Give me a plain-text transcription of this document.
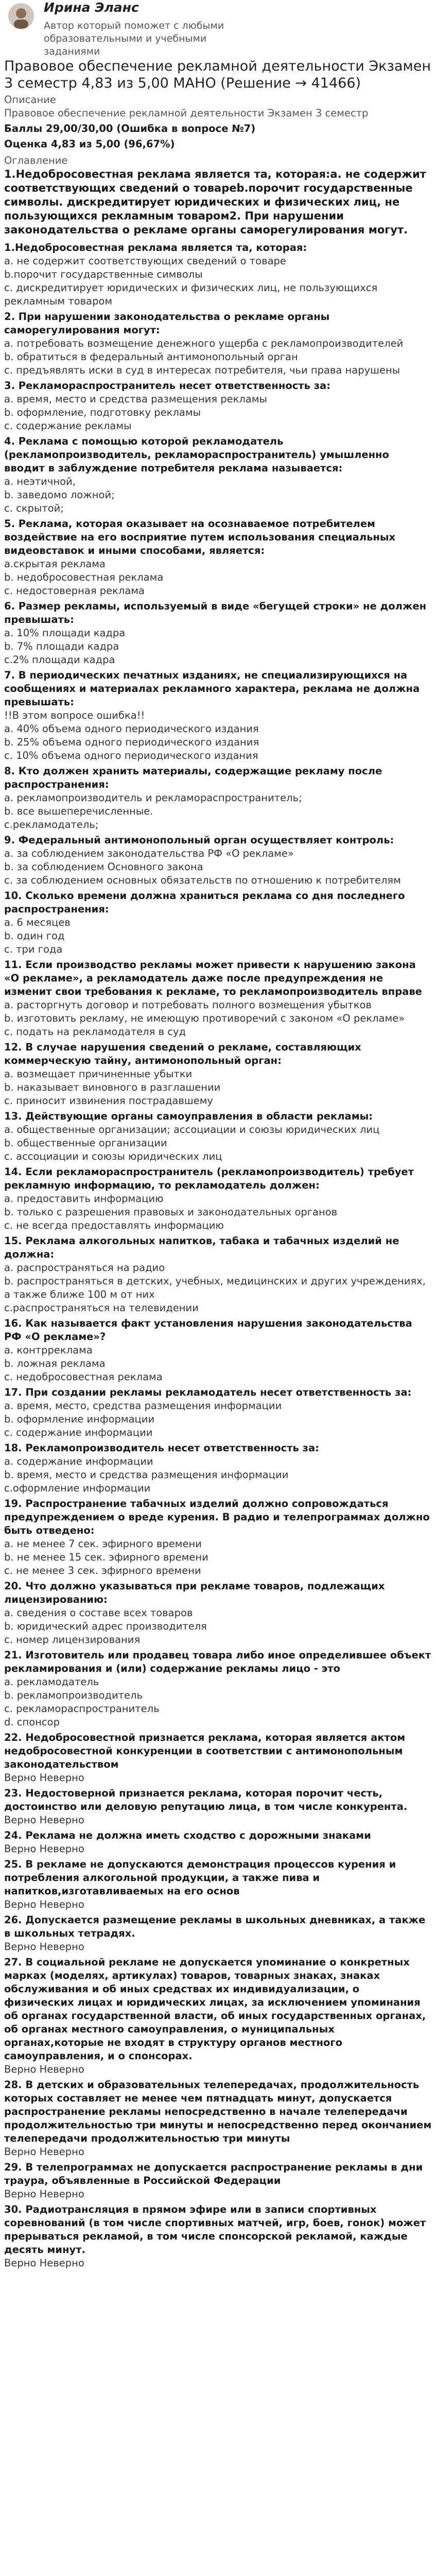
Ирина Эланс
Автор который поможет с любыми образовательными и учебными заданиями
Правовое обеспечение рекламной деятельности Экзамен 3 семестр 4,83 из 5,00 МАНО (Решение → 41466)
Описание
Правовое обеспечение рекламной деятельности Экзамен 3 семестр
Баллы 29,00/30,00 (Ошибка в вопросе №7)
Оценка 4,83 из 5,00 (96,67%)
Оглавление
1.Недобросовестная реклама является та, которая:a. не содержит соответствующих сведений о товареb.порочит государственные символы. дискредитирует юридических и физических лиц, не пользующихся рекламным товаром2. При нарушении законодательства о рекламе органы саморегулирования могут.
1.Недобросовестная реклама является та, которая:
a. не содержит соответствующих сведений о товаре
b.порочит государственные символы
c. дискредитирует юридических и физических лиц, не пользующихся рекламным товаром
2. При нарушении законодательства о рекламе органы саморегулирования могут:
a. потребовать возмещение денежного ущерба с рекламопроизводителей
b. обратиться в федеральный антимонопольный орган
c. предъявлять иски в суд в интересах потребителя, чьи права нарушены
3. Рекламораспространитель несет ответственность за:
a. время, место и средства размещения рекламы
b. оформление, подготовку рекламы
c. содержание рекламы
4. Реклама с помощью которой рекламодатель (рекламопроизводитель, рекламораспространитель) умышленно вводит в заблуждение потребителя реклама называется:
a. неэтичной,
b. заведомо ложной;
c. скрытой;
5. Реклама, которая оказывает на осознаваемое потребителем воздействие на его восприятие путем использования специальных видеовставок и иными способами, является:
a.скрытая реклама
b. недобросовестная реклама
c. недостоверная реклама
6. Размер рекламы, используемый в виде «бегущей строки» не должен превышать:
a. 10% площади кадра
b. 7% площади кадра
c.2% площади кадра
7. В периодических печатных изданиях, не специализирующихся на сообщениях и материалах рекламного характера, реклама не должна превышать:
!!В этом вопросе ошибка!!
a. 40% объема одного периодического издания
b. 25% объема одного периодического издания
c. 10% объема одного периодического издания
8. Кто должен хранить материалы, содержащие рекламу после распространения:
a. рекламопроизводитель и рекламораспространитель;
b. все вышеперечисленные.
c.рекламодатель;
9. Федеральный антимонопольный орган осуществляет контроль:
a. за соблюдением законодательства РФ «О рекламе»
b. за соблюдением Основного закона
c. за соблюдением основных обязательств по отношению к потребителям
10. Сколько времени должна храниться реклама со дня последнего распространения:
a. 6 месяцев
b. один год
c. три года
11. Если производство рекламы может привести к нарушению закона «О рекламе», а рекламодатель даже после предупреждения не изменит свои требования к рекламе, то рекламопроизводитель вправе
a. расторгнуть договор и потребовать полного возмещения убытков
b. изготовить рекламу, не имеющую противоречий с законом «О рекламе»
c. подать на рекламодателя в суд
12. В случае нарушения сведений о рекламе, составляющих коммерческую тайну, антимонопольный орган:
a. возмещает причиненные убытки
b. наказывает виновного в разглашении
c. приносит извинения пострадавшему
13. Действующие органы самоуправления в области рекламы:
a. общественные организации; ассоциации и союзы юридических лиц
b. общественные организации
c. ассоциации и союзы юридических лиц
14. Если рекламораспространитель (рекламопроизводитель) требует рекламную информацию, то рекламодатель должен:
a. предоставить информацию
b. только с разрешения правовых и законодательных органов
c. не всегда предоставлять информацию
15. Реклама алкогольных напитков, табака и табачных изделий не должна:
a. распространяться на радио
b. распространяться в детских, учебных, медицинских и других учреждениях, а также ближе 100 м от них
c.распространяться на телевидении
16. Как называется факт установления нарушения законодательства РФ «О рекламе»?
a. контрреклама
b. ложная реклама
c. недобросовестная реклама
17. При создании рекламы рекламодатель несет ответственность за:
a. время, место, средства размещения информации
b. оформление информации
c. содержание информации
18. Рекламопроизводитель несет ответственность за:
a. содержание информации
b. время, место и средства размещения информации
c.оформление информации
19. Распространение табачных изделий должно сопровождаться предупреждением о вреде курения. В радио и телепрограммах должно быть отведено:
a. не менее 7 сек. эфирного времени
b. не менее 15 сек. эфирного времени
c. не менее 3 сек. эфирного времени
20. Что должно указываться при рекламе товаров, подлежащих лицензированию:
a. сведения о составе всех товаров
b. юридический адрес производителя
c. номер лицензирования
21. Изготовитель или продавец товара либо иное определившее объект рекламирования и (или) содержание рекламы лицо - это
a. рекламодатель
b. рекламопроизводитель
c. рекламораспространитель
d. спонсор
22. Недобросовестной признается реклама, которая является актом недобросовестной конкуренции в соответствии с антимонопольным законодательством
Верно Неверно
23. Недостоверной признается реклама, которая порочит честь, достоинство или деловую репутацию лица, в том числе конкурента.
Верно Неверно
24. Реклама не должна иметь сходство с дорожными знаками
Верно Неверно
25. В рекламе не допускаются демонстрация процессов курения и потребления алкогольной продукции, а также пива и напитков,изготавливаемых на его основ
Верно Неверно
26. Допускается размещение рекламы в школьных дневниках, а также в школьных тетрадях.
Верно Неверно
27. В социальной рекламе не допускается упоминание о конкретных марках (моделях, артикулах) товаров, товарных знаках, знаках обслуживания и об иных средствах их индивидуализации, о физических лицах и юридических лицах, за исключением упоминания об органах государственной власти, об иных государственных органах, об органах местного самоуправления, о муниципальных органах,которые не входят в структуру органов местного самоуправления, и о спонсорах.
Верно Неверно
28. В детских и образовательных телепередачах, продолжительность которых составляет не менее чем пятнадцать минут, допускается распространение рекламы непосредственно в начале телепередачи продолжительностью три минуты и непосредственно перед окончанием телепередачи продолжительностью три минуты
Верно Неверно
29. В телепрограммах не допускается распространение рекламы в дни траура, объявленные в Российской Федерации
Верно Неверно
30. Радиотрансляция в прямом эфире или в записи спортивных соревнований (в том числе спортивных матчей, игр, боев, гонок) может прерываться рекламой, в том числе спонсорской рекламой, каждые десять минут.
Верно Неверно
